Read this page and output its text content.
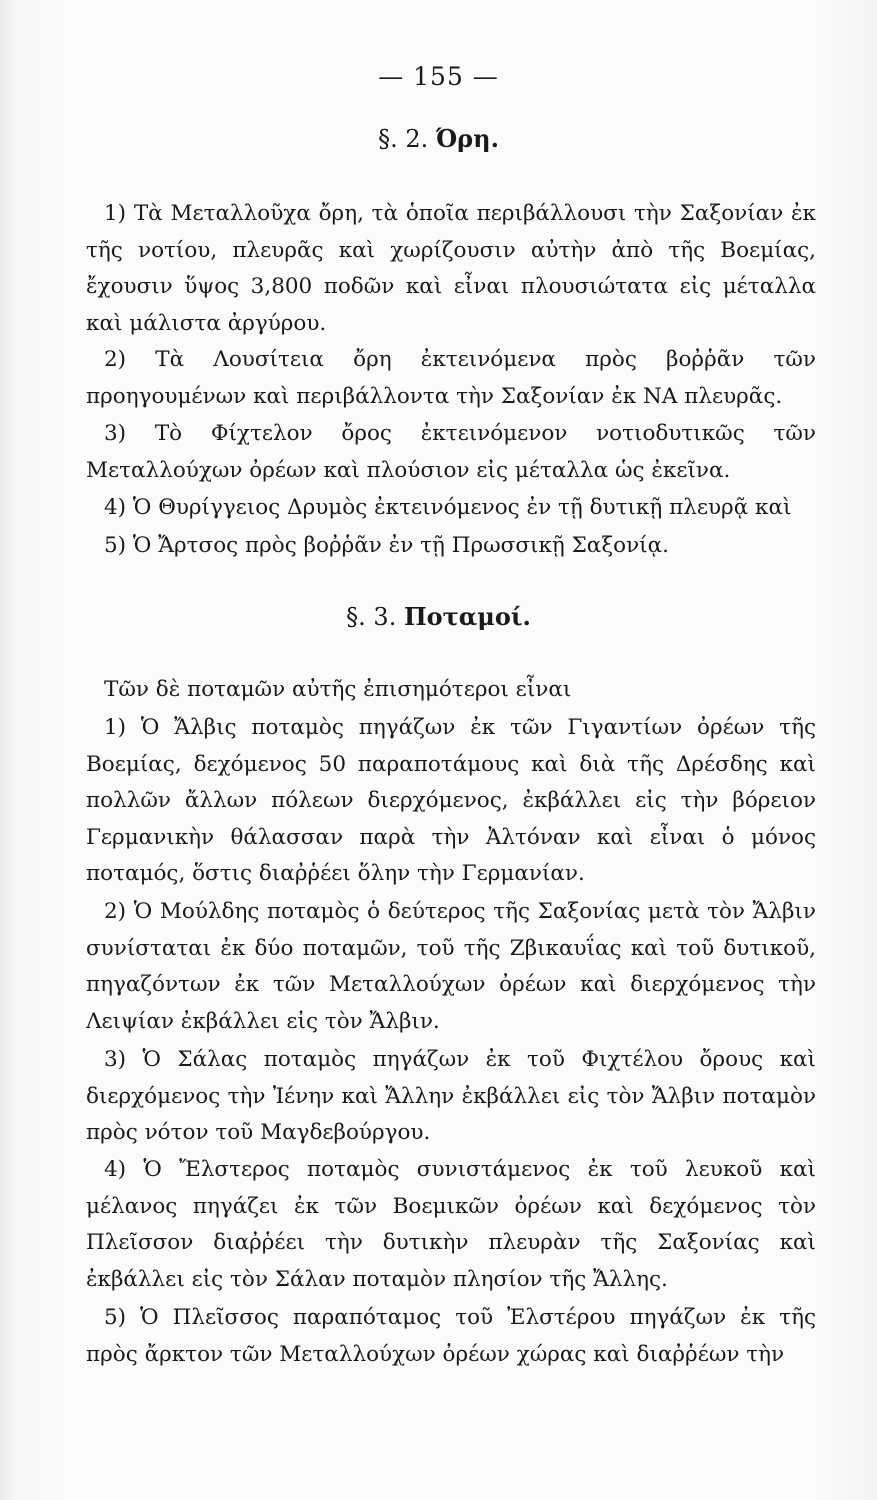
— 155 —
§. 2. Όρη.

1) Τὰ Μεταλλοῦχα ὄρη, τὰ ὁποῖα περιβάλλουσι τὴν Σαξονίαν ἐκ τῆς νοτίου, πλευρᾶς καὶ χωρίζουσιν αὐτὴν ἀπὸ τῆς Βοεμίας, ἔχουσιν ὕψος 3,800 ποδῶν καὶ εἶναι πλουσιώτατα εἰς μέταλλα καὶ μάλιστα ἀργύρου.

2) Τὰ Λουσίτεια ὄρη ἐκτεινόμενα πρὸς βοῤῥᾶν τῶν προηγουμένων καὶ περιβάλλοντα τὴν Σαξονίαν ἐκ ΝΑ πλευρᾶς.

3) Τὸ Φίχτελον ὄρος ἐκτεινόμενον νοτιοδυτικῶς τῶν Μεταλλούχων ὀρέων καὶ πλούσιον εἰς μέταλλα ὡς ἐκεῖνα.

4) Ὁ Θυρίγγειος Δρυμὸς ἐκτεινόμενος ἐν τῇ δυτικῇ πλευρᾷ καὶ

5) Ὁ Ἄρτσος πρὸς βοῤῥᾶν ἐν τῇ Πρωσσικῇ Σαξονίᾳ.

§. 3. Ποταμοί.

Τῶν δὲ ποταμῶν αὐτῆς ἐπισημότεροι εἶναι

1) Ὁ Ἄλβις ποταμὸς πηγάζων ἐκ τῶν Γιγαντίων ὀρέων τῆς Βοεμίας, δεχόμενος 50 παραποτάμους καὶ διὰ τῆς Δρέσδης καὶ πολλῶν ἄλλων πόλεων διερχόμενος, ἐκβάλλει εἰς τὴν βόρειον Γερμανικὴν θάλασσαν παρὰ τὴν Ἀλτόναν καὶ εἶναι ὁ μόνος ποταμός, ὅστις διαῤῥέει ὅλην τὴν Γερμανίαν.

2) Ὁ Μούλδης ποταμὸς ὁ δεύτερος τῆς Σαξονίας μετὰ τὸν Ἄλβιν συνίσταται ἐκ δύο ποταμῶν, τοῦ τῆς Ζβικαυΐας καὶ τοῦ δυτικοῦ, πηγαζόντων ἐκ τῶν Μεταλλούχων ὀρέων καὶ διερχόμενος τὴν Λειψίαν ἐκβάλλει εἰς τὸν Ἄλβιν.

3) Ὁ Σάλας ποταμὸς πηγάζων ἐκ τοῦ Φιχτέλου ὄρους καὶ διερχόμενος τὴν Ἰένην καὶ Ἄλλην ἐκβάλλει εἰς τὸν Ἄλβιν ποταμὸν πρὸς νότον τοῦ Μαγδεβούργου.

4) Ὁ Ἔλστερος ποταμὸς συνιστάμενος ἐκ τοῦ λευκοῦ καὶ μέλανος πηγάζει ἐκ τῶν Βοεμικῶν ὀρέων καὶ δεχόμενος τὸν Πλεῖσσον διαῤῥέει τὴν δυτικὴν πλευρὰν τῆς Σαξονίας καὶ ἐκβάλλει εἰς τὸν Σάλαν ποταμὸν πλησίον τῆς Ἄλλης.

5) Ὁ Πλεῖσσος παραπόταμος τοῦ Ἐλστέρου πηγάζων ἐκ τῆς πρὸς ἄρκτον τῶν Μεταλλούχων ὀρέων χώρας καὶ διαῤῥέων τὴν
